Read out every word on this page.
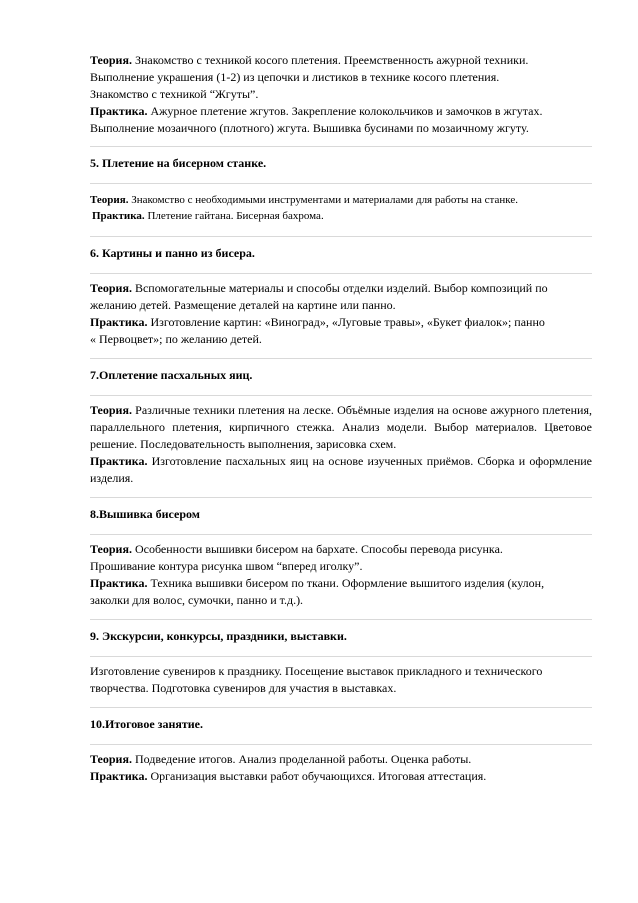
Теория. Знакомство с техникой косого плетения. Преемственность ажурной техники.

Выполнение украшения (1-2) из цепочки и листиков в технике косого плетения.

Знакомство с техникой “Жгуты”.

Практика. Ажурное плетение жгутов. Закрепление колокольчиков и замочков в жгутах.

Выполнение мозаичного (плотного) жгута. Вышивка бусинами по мозаичному жгуту.

5. Плетение на бисерном станке.

Теория. Знакомство с необходимыми инструментами и материалами для работы на станке.

Практика. Плетение гайтана. Бисерная бахрома.

6. Картины и панно из бисера.

Теория. Вспомогательные материалы и способы отделки изделий. Выбор композиций по

желанию детей. Размещение деталей на картине или панно.

Практика. Изготовление картин: «Виноград», «Луговые травы», «Букет фиалок»; панно

« Первоцвет»; по желанию детей.

7.Оплетение пасхальных яиц.

Теория. Различные техники плетения на леске. Объёмные изделия на основе ажурного плетения, параллельного плетения, кирпичного стежка. Анализ модели. Выбор материалов. Цветовое решение. Последовательность выполнения, зарисовка схем.

Практика. Изготовление пасхальных яиц на основе изученных приёмов. Сборка и оформление изделия.

8.Вышивка бисером

Теория. Особенности вышивки бисером на бархате. Способы перевода рисунка.

Прошивание контура рисунка швом “вперед иголку”.

Практика. Техника вышивки бисером по ткани. Оформление вышитого изделия (кулон,

заколки для волос, сумочки, панно и т.д.).

9. Экскурсии, конкурсы, праздники, выставки.

Изготовление сувениров к празднику. Посещение выставок прикладного и технического

творчества. Подготовка сувениров для участия в выставках.

10.Итоговое занятие.

Теория. Подведение итогов. Анализ проделанной работы. Оценка работы.

Практика. Организация выставки работ обучающихся. Итоговая аттестация.
